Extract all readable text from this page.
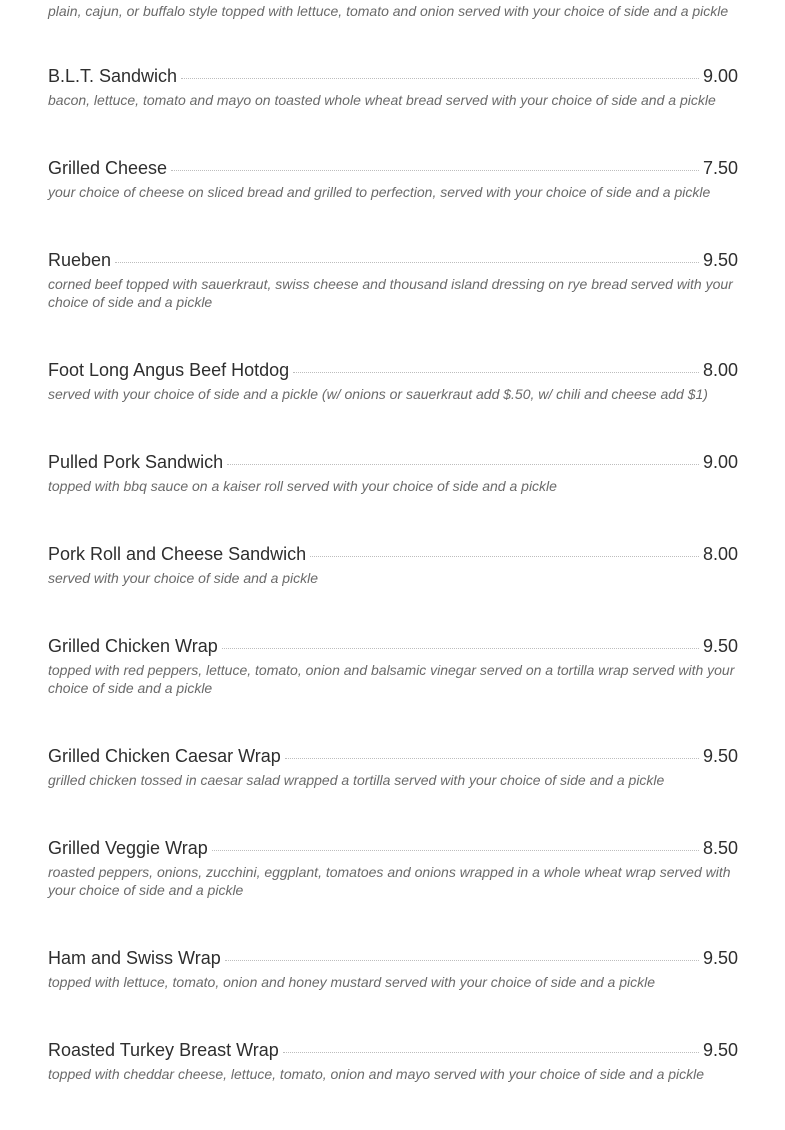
plain, cajun, or buffalo style topped with lettuce, tomato and onion served with your choice of side and a pickle
B.L.T. Sandwich	9.00
bacon, lettuce, tomato and mayo on toasted whole wheat bread served with your choice of side and a pickle
Grilled Cheese	7.50
your choice of cheese on sliced bread and grilled to perfection, served with your choice of side and a pickle
Rueben	9.50
corned beef topped with sauerkraut, swiss cheese and thousand island dressing on rye bread served with your choice of side and a pickle
Foot Long Angus Beef Hotdog	8.00
served with your choice of side and a pickle (w/ onions or sauerkraut add $.50, w/ chili and cheese add $1)
Pulled Pork Sandwich	9.00
topped with bbq sauce on a kaiser roll served with your choice of side and a pickle
Pork Roll and Cheese Sandwich	8.00
served with your choice of side and a pickle
Grilled Chicken Wrap	9.50
topped with red peppers, lettuce, tomato, onion and balsamic vinegar served on a tortilla wrap served with your choice of side and a pickle
Grilled Chicken Caesar Wrap	9.50
grilled chicken tossed in caesar salad wrapped a tortilla served with your choice of side and a pickle
Grilled Veggie Wrap	8.50
roasted peppers, onions, zucchini, eggplant, tomatoes and onions wrapped in a whole wheat wrap served with your choice of side and a pickle
Ham and Swiss Wrap	9.50
topped with lettuce, tomato, onion and honey mustard served with your choice of side and a pickle
Roasted Turkey Breast Wrap	9.50
topped with cheddar cheese, lettuce, tomato, onion and mayo served with your choice of side and a pickle
